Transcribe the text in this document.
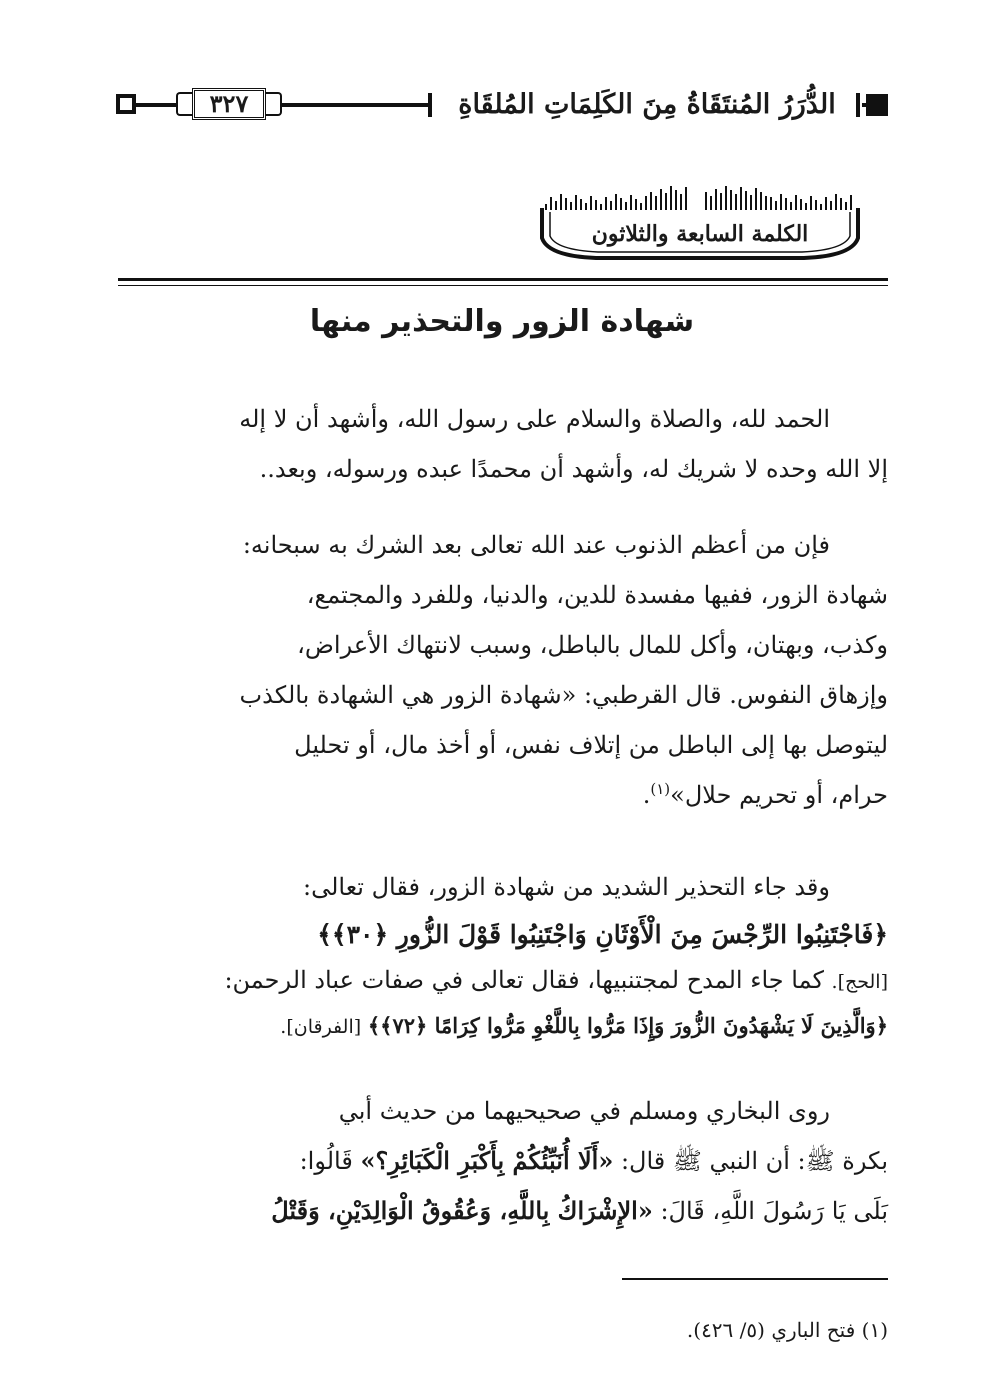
٣٢٧	الدُّرَرُ المُنتَقَاةُ مِنَ الكَلِمَاتِ المُلقَاةِ
الكلمة السابعة والثلاثون
شهادة الزور والتحذير منها
الحمد لله، والصلاة والسلام على رسول الله، وأشهد أن لا إله
إلا الله وحده لا شريك له، وأشهد أن محمدًا عبده ورسوله، وبعد..
فإن من أعظم الذنوب عند الله تعالى بعد الشرك به سبحانه:
شهادة الزور، ففيها مفسدة للدين، والدنيا، وللفرد والمجتمع،
وكذب، وبهتان، وأكل للمال بالباطل، وسبب لانتهاك الأعراض،
وإزهاق النفوس. قال القرطبي: «شهادة الزور هي الشهادة بالكذب
ليتوصل بها إلى الباطل من إتلاف نفس، أو أخذ مال، أو تحليل
حرام، أو تحريم حلال»$^{(١)}$.
وقد جاء التحذير الشديد من شهادة الزور، فقال تعالى:
﴿فَاجْتَنِبُوا الرِّجْسَ مِنَ الْأَوْثَانِ وَاجْتَنِبُوا قَوْلَ الزُّورِ ﴿٣٠﴾﴾
[الحج]. كما جاء المدح لمجتنبيها، فقال تعالى في صفات عباد الرحمن:
﴿وَالَّذِينَ لَا يَشْهَدُونَ الزُّورَ وَإِذَا مَرُّوا بِاللَّغْوِ مَرُّوا كِرَامًا ﴿٧٢﴾﴾ [الفرقان].
روى البخاري ومسلم في صحيحيهما من حديث أبي
بكرة ﷺ: أن النبي ﷺ قال: «أَلَا أُنَبِّئُكُمْ بِأَكْبَرِ الْكَبَائِرِ؟» قَالُوا:
بَلَى يَا رَسُولَ اللَّهِ، قَالَ: «الإِشْرَاكُ بِاللَّهِ، وَعُقُوقُ الْوَالِدَيْنِ، وَقَتْلُ
(١) فتح الباري (٥/ ٤٢٦).
